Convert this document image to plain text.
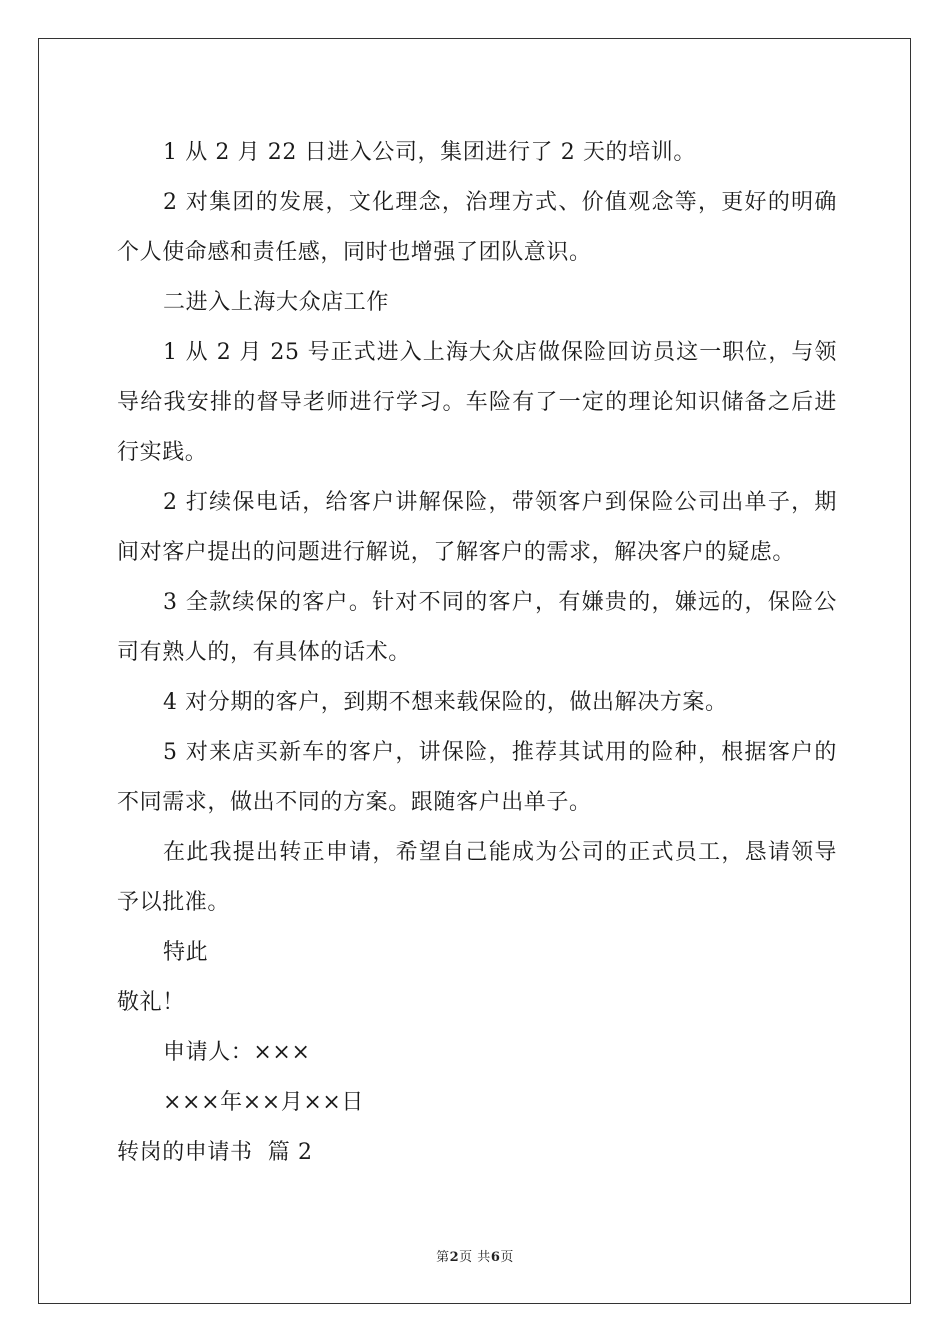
1 从 2 月 22 日进入公司，集团进行了 2 天的培训。

2 对集团的发展，文化理念，治理方式、价值观念等，更好的明确个人使命感和责任感，同时也增强了团队意识。

二进入上海大众店工作

1 从 2 月 25 号正式进入上海大众店做保险回访员这一职位，与领导给我安排的督导老师进行学习。车险有了一定的理论知识储备之后进行实践。

2 打续保电话，给客户讲解保险，带领客户到保险公司出单子，期间对客户提出的问题进行解说，了解客户的需求，解决客户的疑虑。

3 全款续保的客户。针对不同的客户，有嫌贵的，嫌远的，保险公司有熟人的，有具体的话术。

4 对分期的客户，到期不想来载保险的，做出解决方案。

5 对来店买新车的客户，讲保险，推荐其试用的险种，根据客户的不同需求，做出不同的方案。跟随客户出单子。

在此我提出转正申请，希望自己能成为公司的正式员工，恳请领导予以批准。

特此

敬礼！

申请人：×××

×××年××月××日

转岗的申请书  篇 2

第2页 共6页
